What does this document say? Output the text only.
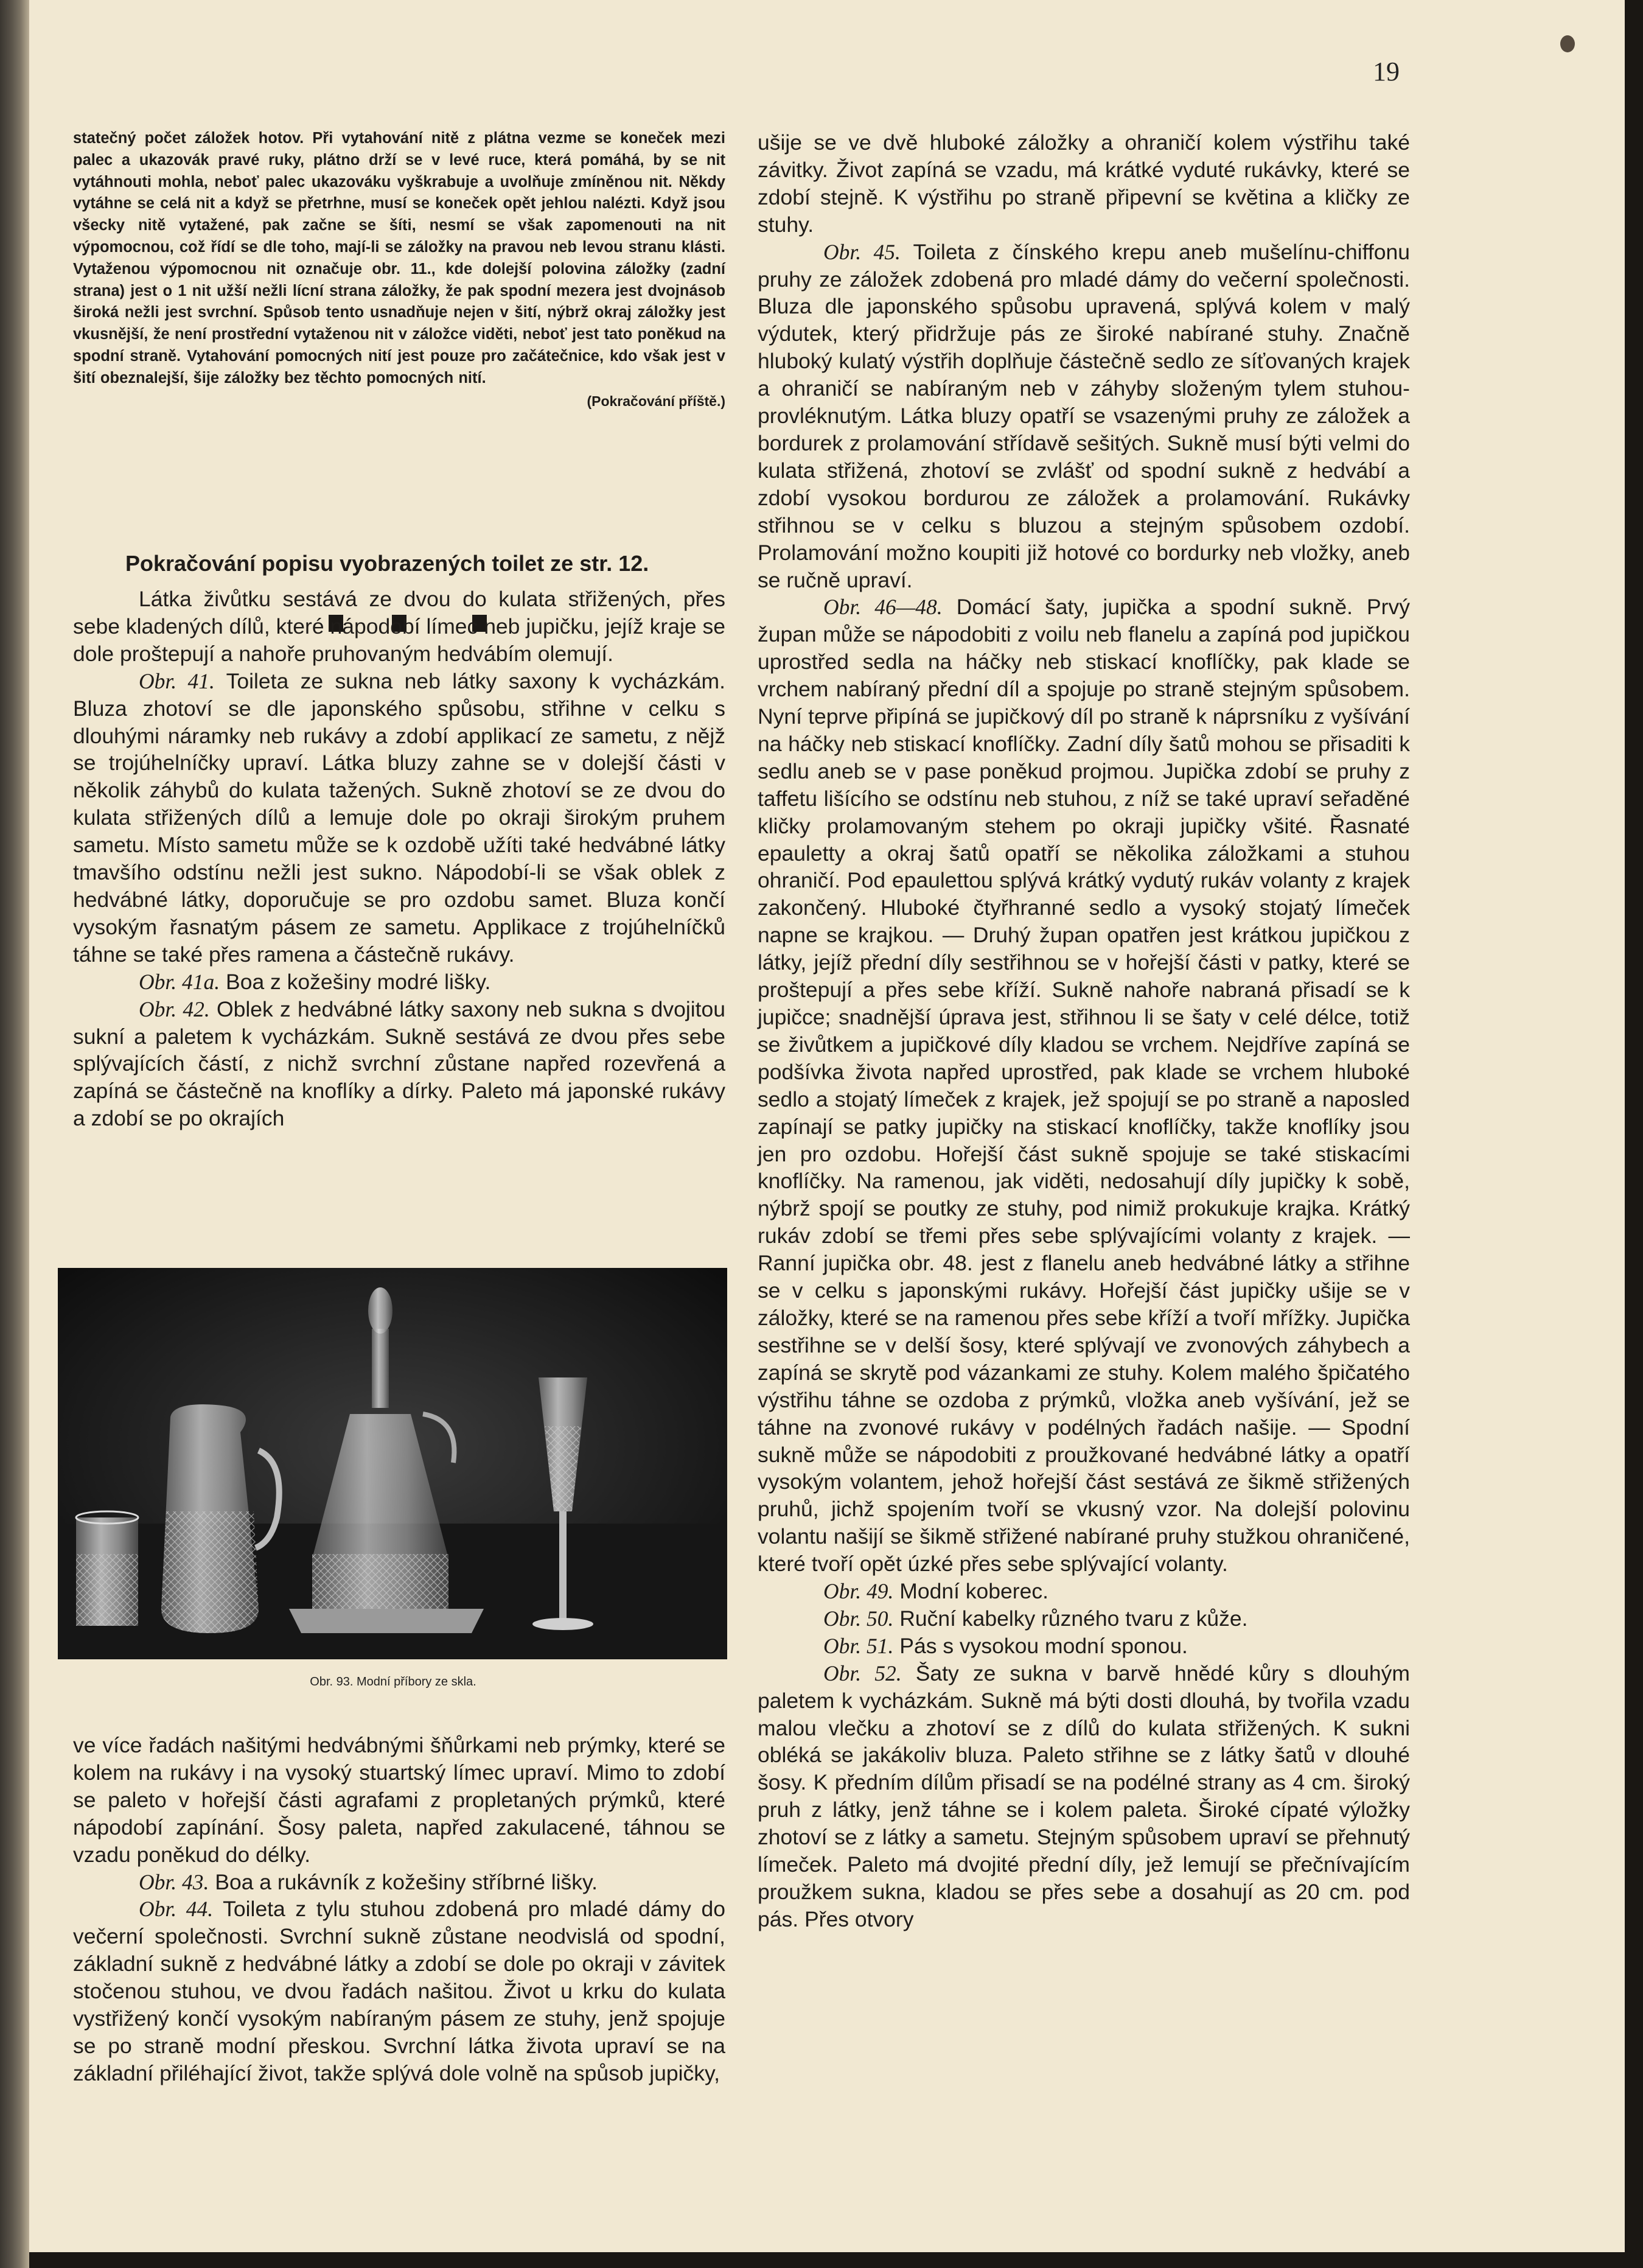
19
statečný počet záložek hotov. Při vytahování nitě z plátna vezme se koneček mezi palec a ukazovák pravé ruky, plátno drží se v levé ruce, která pomáhá, by se nit vytáhnouti mohla, neboť palec ukazováku vyškrabuje a uvolňuje zmíněnou nit. Někdy vytáhne se celá nit a když se přetrhne, musí se koneček opět jehlou nalézti. Když jsou všecky nitě vytažené, pak začne se šíti, nesmí se však zapomenouti na nit výpomocnou, což řídí se dle toho, mají-li se záložky na pravou neb levou stranu klásti. Vytaženou výpomocnou nit označuje obr. 11., kde dolejší polovina záložky (zadní strana) jest o 1 nit užší nežli lícní strana záložky, že pak spodní mezera jest dvojnásob široká nežli jest svrchní. Spůsob tento usnadňuje nejen v šití, nýbrž okraj záložky jest vkusnější, že není prostřední vytaženou nit v záložce viděti, neboť jest tato poněkud na spodní straně. Vytahování pomocných nití jest pouze pro začátečnice, kdo však jest v šití obeznalejší, šije záložky bez těchto pomocných nití.
(Pokračování příště.)
Pokračování popisu vyobrazených toilet ze str. 12.

Látka živůtku sestává ze dvou do kulata střižených, přes sebe kladených dílů, které nápodobí límec neb jupičku, jejíž kraje se dole proštepují a nahoře pruhovaným hedvábím olemují.

Obr. 41. Toileta ze sukna neb látky saxony k vycházkám. Bluza zhotoví se dle japonského spůsobu, střihne v celku s dlouhými náramky neb rukávy a zdobí applikací ze sametu, z nějž se trojúhelníčky upraví. Látka bluzy zahne se v dolejší části v několik záhybů do kulata tažených. Sukně zhotoví se ze dvou do kulata střižených dílů a lemuje dole po okraji širokým pruhem sametu. Místo sametu může se k ozdobě užíti také hedvábné látky tmavšího odstínu nežli jest sukno. Nápodobí-li se však oblek z hedvábné látky, doporučuje se pro ozdobu samet. Bluza končí vysokým řasnatým pásem ze sametu. Applikace z trojúhelníčků táhne se také přes ramena a částečně rukávy.

Obr. 41a. Boa z kožešiny modré lišky.

Obr. 42. Oblek z hedvábné látky saxony neb sukna s dvojitou sukní a paletem k vycházkám. Sukně sestává ze dvou přes sebe splývajících částí, z nichž svrchní zůstane napřed rozevřená a zapíná se částečně na knoflíky a dírky. Paleto má japonské rukávy a zdobí se po okrajích

Obr. 93. Modní příbory ze skla.

ve více řadách našitými hedvábnými šňůrkami neb prýmky, které se kolem na rukávy i na vysoký stuartský límec upraví. Mimo to zdobí se paleto v hořejší části agrafami z propletaných prýmků, které nápodobí zapínání. Šosy paleta, napřed zakulacené, táhnou se vzadu poněkud do délky.

Obr. 43. Boa a rukávník z kožešiny stříbrné lišky.

Obr. 44. Toileta z tylu stuhou zdobená pro mladé dámy do večerní společnosti. Svrchní sukně zůstane neodvislá od spodní, základní sukně z hedvábné látky a zdobí se dole po okraji v závitek stočenou stuhou, ve dvou řadách našitou. Život u krku do kulata vystřižený končí vysokým nabíraným pásem ze stuhy, jenž spojuje se po straně modní přeskou. Svrchní látka života upraví se na základní přiléhající život, takže splývá dole volně na spůsob jupičky,

ušije se ve dvě hluboké záložky a ohraničí kolem výstřihu také závitky. Život zapíná se vzadu, má krátké vyduté rukávky, které se zdobí stejně. K výstřihu po straně připevní se květina a kličky ze stuhy.

Obr. 45. Toileta z čínského krepu aneb mušelínu-chiffonu pruhy ze záložek zdobená pro mladé dámy do večerní společnosti. Bluza dle japonského spůsobu upravená, splývá kolem v malý výdutek, který přidržuje pás ze široké nabírané stuhy. Značně hluboký kulatý výstřih doplňuje částečně sedlo ze síťovaných krajek a ohraničí se nabíraným neb v záhyby složeným tylem stuhou-provléknutým. Látka bluzy opatří se vsazenými pruhy ze záložek a bordurek z prolamování střídavě sešitých. Sukně musí býti velmi do kulata střižená, zhotoví se zvlášť od spodní sukně z hedvábí a zdobí vysokou bordurou ze záložek a prolamování. Rukávky střihnou se v celku s bluzou a stejným spůsobem ozdobí. Prolamování možno koupiti již hotové co bordurky neb vložky, aneb se ručně upraví.

Obr. 46—48. Domácí šaty, jupička a spodní sukně. Prvý župan může se nápodobiti z voilu neb flanelu a zapíná pod jupičkou uprostřed sedla na háčky neb stiskací knoflíčky, pak klade se vrchem nabíraný přední díl a spojuje po straně stejným spůsobem. Nyní teprve připíná se jupičkový díl po straně k náprsníku z vyšívání na háčky neb stiskací knoflíčky. Zadní díly šatů mohou se přisaditi k sedlu aneb se v pase poněkud projmou. Jupička zdobí se pruhy z taffetu lišícího se odstínu neb stuhou, z níž se také upraví seřaděné kličky prolamovaným stehem po okraji jupičky všité. Řasnaté epauletty a okraj šatů opatří se několika záložkami a stuhou ohraničí. Pod epaulettou splývá krátký vydutý rukáv volanty z krajek zakončený. Hluboké čtyřhranné sedlo a vysoký stojatý límeček napne se krajkou. — Druhý župan opatřen jest krátkou jupičkou z látky, jejíž přední díly sestřihnou se v hořejší části v patky, které se proštepují a přes sebe kříží. Sukně nahoře nabraná přisadí se k jupičce; snadnější úprava jest, střihnou li se šaty v celé délce, totiž se živůtkem a jupičkové díly kladou se vrchem. Nejdříve zapíná se podšívka života napřed uprostřed, pak klade se vrchem hluboké sedlo a stojatý límeček z krajek, jež spojují se po straně a naposled zapínají se patky jupičky na stiskací knoflíčky, takže knoflíky jsou jen pro ozdobu. Hořejší část sukně spojuje se také stiskacími knoflíčky. Na ramenou, jak viděti, nedosahují díly jupičky k sobě, nýbrž spojí se poutky ze stuhy, pod nimiž prokukuje krajka. Krátký rukáv zdobí se třemi přes sebe splývajícími volanty z krajek. — Ranní jupička obr. 48. jest z flanelu aneb hedvábné látky a střihne se v celku s japonskými rukávy. Hořejší část jupičky ušije se v záložky, které se na ramenou přes sebe kříží a tvoří mřížky. Jupička sestřihne se v delší šosy, které splývají ve zvonových záhybech a zapíná se skrytě pod vázankami ze stuhy. Kolem malého špičatého výstřihu táhne se ozdoba z prýmků, vložka aneb vyšívání, jež se táhne na zvonové rukávy v podélných řadách našije. — Spodní sukně může se nápodobiti z proužkované hedvábné látky a opatří vysokým volantem, jehož hořejší část sestává ze šikmě střižených pruhů, jichž spojením tvoří se vkusný vzor. Na dolejší polovinu volantu našijí se šikmě střižené nabírané pruhy stužkou ohraničené, které tvoří opět úzké přes sebe splývající volanty.

Obr. 49. Modní koberec.

Obr. 50. Ruční kabelky různého tvaru z kůže.

Obr. 51. Pás s vysokou modní sponou.

Obr. 52. Šaty ze sukna v barvě hnědé kůry s dlouhým paletem k vycházkám. Sukně má býti dosti dlouhá, by tvořila vzadu malou vlečku a zhotoví se z dílů do kulata střižených. K sukni obléká se jakákoliv bluza. Paleto střihne se z látky šatů v dlouhé šosy. K předním dílům přisadí se na podélné strany as 4 cm. široký pruh z látky, jenž táhne se i kolem paleta. Široké cípaté výložky zhotoví se z látky a sametu. Stejným spůsobem upraví se přehnutý límeček. Paleto má dvojité přední díly, jež lemují se přečnívajícím proužkem sukna, kladou se přes sebe a dosahují as 20 cm. pod pás. Přes otvory
